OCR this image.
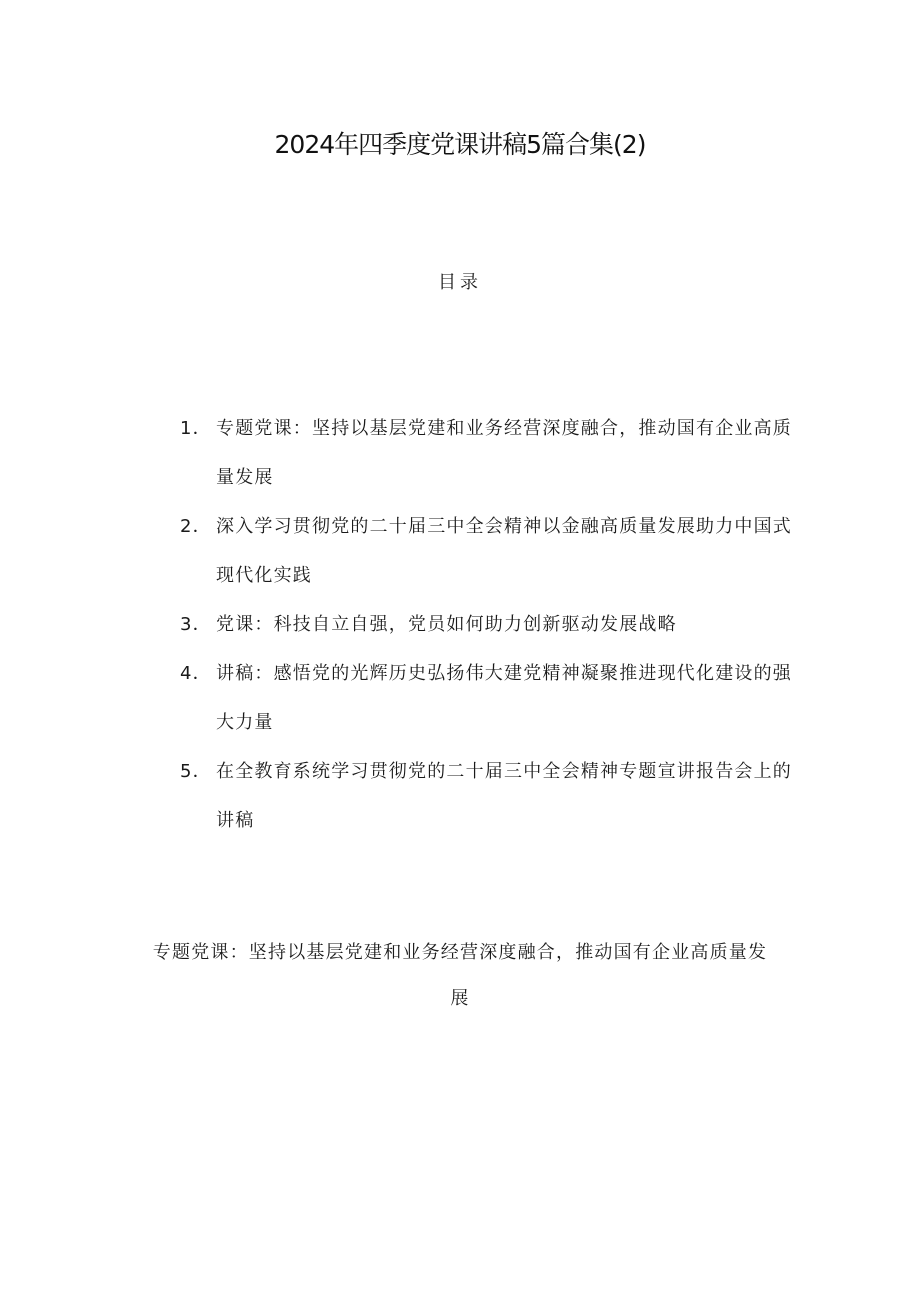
2024年四季度党课讲稿5篇合集(2)
目录
1． 专题党课：坚持以基层党建和业务经营深度融合，推动国有企业高质量发展
2． 深入学习贯彻党的二十届三中全会精神以金融高质量发展助力中国式现代化实践
3． 党课：科技自立自强，党员如何助力创新驱动发展战略
4． 讲稿：感悟党的光辉历史弘扬伟大建党精神凝聚推进现代化建设的强大力量
5． 在全教育系统学习贯彻党的二十届三中全会精神专题宣讲报告会上的讲稿
专题党课：坚持以基层党建和业务经营深度融合，推动国有企业高质量发展
